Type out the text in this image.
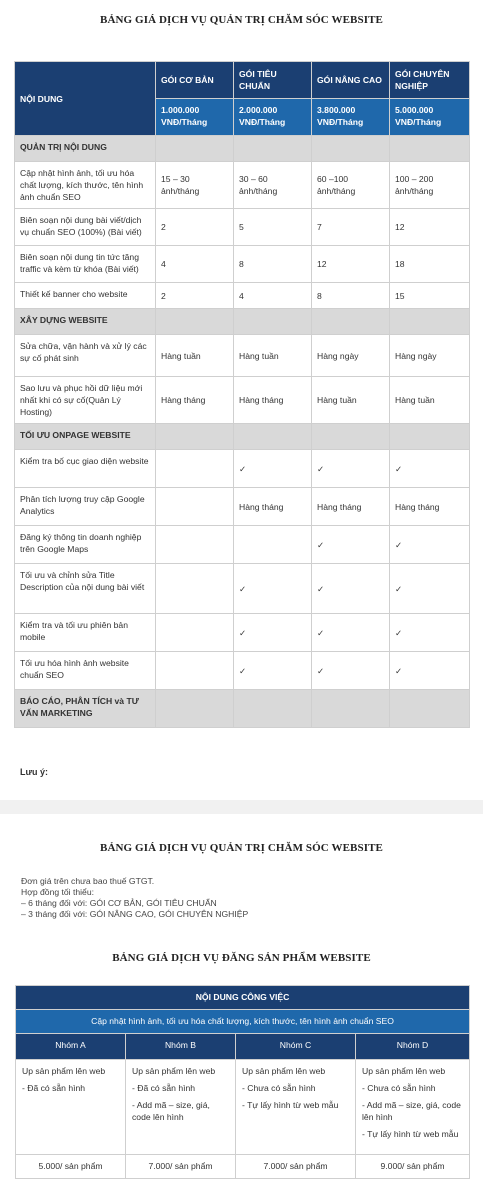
BẢNG GIÁ DỊCH VỤ QUẢN TRỊ CHĂM SÓC WEBSITE
NỘI DUNG	GÓI CƠ BẢN	GÓI TIÊU CHUẨN	GÓI NÂNG CAO	GÓI CHUYÊN NGHIỆP
	1.000.000 VNĐ/Tháng	2.000.000 VNĐ/Tháng	3.800.000 VNĐ/Tháng	5.000.000 VNĐ/Tháng
QUẢN TRỊ NỘI DUNG				
Cập nhật hình ảnh, tối ưu hóa chất lượng, kích thước, tên hình ảnh chuẩn SEO	15 – 30 ảnh/tháng	30 – 60 ảnh/tháng	60 –100 ảnh/tháng	100 – 200 ảnh/tháng
Biên soạn nội dung bài viết/dịch vụ chuẩn SEO (100%) (Bài viết)	2	5	7	12
Biên soạn nội dung tin tức tăng traffic và kèm từ khóa (Bài viết)	4	8	12	18
Thiết kế banner cho website	2	4	8	15
XÂY DỰNG WEBSITE				
Sửa chữa, vận hành và xử lý các sự cố phát sinh	Hàng tuần	Hàng tuần	Hàng ngày	Hàng ngày
Sao lưu và phục hồi dữ liệu mới nhất khi có sự cố(Quản Lý Hosting)	Hàng tháng	Hàng tháng	Hàng tuần	Hàng tuần
TỐI ƯU ONPAGE WEBSITE				
Kiểm tra bố cục giao diện website		✓	✓	✓
Phân tích lượng truy cập Google Analytics		Hàng tháng	Hàng tháng	Hàng tháng
Đăng ký thông tin doanh nghiệp trên Google Maps			✓	✓
Tối ưu và chỉnh sửa Title Description của nội dung bài viết		✓	✓	✓
Kiểm tra và tối ưu phiên bản mobile		✓	✓	✓
Tối ưu hóa hình ảnh website chuẩn SEO		✓	✓	✓
BÁO CÁO, PHÂN TÍCH và TƯ VẤN MARKETING				
Lưu ý:
BẢNG GIÁ DỊCH VỤ QUẢN TRỊ CHĂM SÓC WEBSITE
Đơn giá trên chưa bao thuế GTGT.
Hợp đồng tối thiểu:
– 6 tháng đối với: GÓI CƠ BẢN, GÓI TIÊU CHUẨN
– 3 tháng đối với: GÓI NÂNG CAO, GÓI CHUYÊN NGHIỆP
BẢNG GIÁ DỊCH VỤ ĐĂNG SẢN PHẨM WEBSITE
NỘI DUNG CÔNG VIỆC			
Cập nhật hình ảnh, tối ưu hóa chất lượng, kích thước, tên hình ảnh chuẩn SEO			
Nhóm A	Nhóm B	Nhóm C	Nhóm D

Up sản phẩm lên web
- Đã có sẵn hình	Up sản phẩm lên web
- Đã có sẵn hình
- Add mã – size, giá, code lên hình	Up sản phẩm lên web
- Chưa có sẵn hình
- Tự lấy hình từ web mẫu	Up sản phẩm lên web
- Chưa có sẵn hình
- Add mã – size, giá, code lên hình
- Tự lấy hình từ web mẫu

5.000/ sản phẩm	7.000/ sản phẩm	7.000/ sản phẩm	9.000/ sản phẩm
